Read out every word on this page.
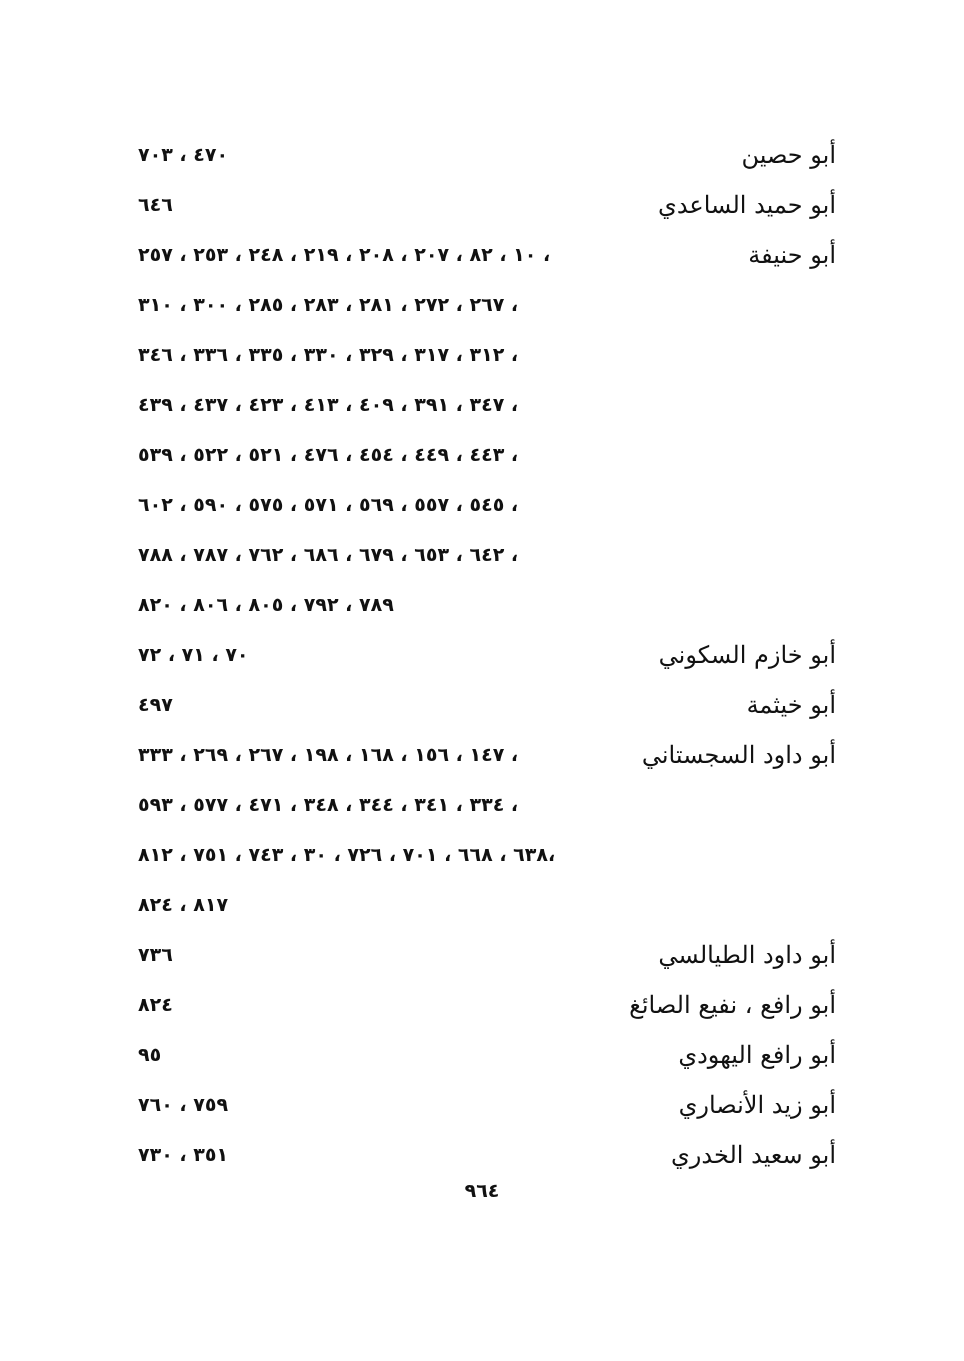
أبو حصين
٤٧٠ ، ٧٠٣
أبو حميد الساعدي
٦٤٦
أبو حنيفة
١٠ ، ٨٢ ، ٢٠٧ ، ٢٠٨ ، ٢١٩ ، ٢٤٨ ، ٢٥٣ ، ٢٥٧ ،
٢٦٧ ، ٢٧٢ ، ٢٨١ ، ٢٨٣ ، ٢٨٥ ، ٣٠٠ ، ٣١٠ ،
٣١٢ ، ٣١٧ ، ٣٢٩ ، ٣٣٠ ، ٣٣٥ ، ٣٣٦ ، ٣٤٦ ،
٣٤٧ ، ٣٩١ ، ٤٠٩ ، ٤١٣ ، ٤٢٣ ، ٤٣٧ ، ٤٣٩ ،
٤٤٣ ، ٤٤٩ ، ٤٥٤ ، ٤٧٦ ، ٥٢١ ، ٥٢٢ ، ٥٣٩ ،
٥٤٥ ، ٥٥٧ ، ٥٦٩ ، ٥٧١ ، ٥٧٥ ، ٥٩٠ ، ٦٠٢ ،
٦٤٢ ، ٦٥٣ ، ٦٧٩ ، ٦٨٦ ، ٧٦٢ ، ٧٨٧ ، ٧٨٨ ،
٧٨٩ ، ٧٩٢ ، ٨٠٥ ، ٨٠٦ ، ٨٢٠
أبو خازم السكوني
٧٠ ، ٧١ ، ٧٢
أبو خيثمة
٤٩٧
أبو داود السجستاني
١٤٧ ، ١٥٦ ، ١٦٨ ، ١٩٨ ، ٢٦٧ ، ٢٦٩ ، ٣٣٣ ،
٣٣٤ ، ٣٤١ ، ٣٤٤ ، ٣٤٨ ، ٤٧١ ، ٥٧٧ ، ٥٩٣ ،
٦٣٨ ، ٦٦٨ ، ٧٠١ ، ٧٢٦ ، ٣٠ ، ٧٤٣ ، ٧٥١ ، ٨١٢،
٨١٧ ، ٨٢٤
أبو داود الطيالسي
٧٣٦
أبو رافع ، نفيع الصائغ
٨٢٤
أبو رافع اليهودي
٩٥
أبو زيد الأنصاري
٧٥٩ ، ٧٦٠
أبو سعيد الخدري
٣٥١ ، ٧٣٠
٩٦٤
